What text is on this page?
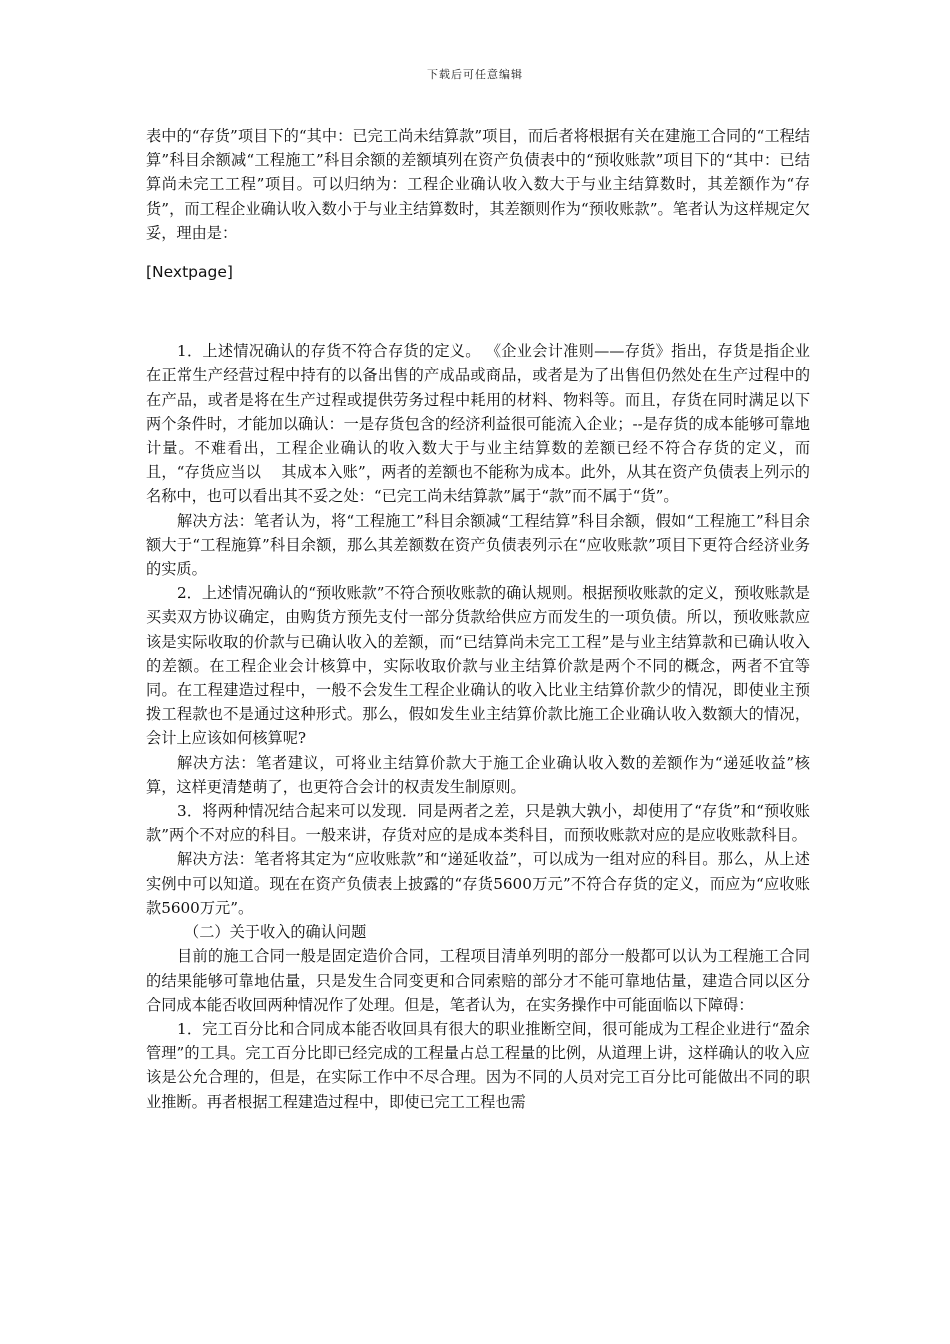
下载后可任意编辑

表中的“存货”项目下的“其中：已完工尚未结算款”项目，而后者将根据有关在建施工合同的“工程结算”科目余额减“工程施工”科目余额的差额填列在资产负债表中的“预收账款”项目下的“其中：已结算尚未完工工程”项目。可以归纳为：工程企业确认收入数大于与业主结算数时，其差额作为“存货”，而工程企业确认收入数小于与业主结算数时，其差额则作为“预收账款”。笔者认为这样规定欠妥，理由是：

[Nextpage]

1．上述情况确认的存货不符合存货的定义。 《企业会计准则——存货》指出，存货是指企业在正常生产经营过程中持有的以备出售的产成品或商品，或者是为了出售但仍然处在生产过程中的在产品，或者是将在生产过程或提供劳务过程中耗用的材料、物料等。而且，存货在同时满足以下两个条件时，才能加以确认：一是存货包含的经济利益很可能流入企业；--是存货的成本能够可靠地计量。不难看出，工程企业确认的收入数大于与业主结算数的差额已经不符合存货的定义，而且，“存货应当以　 其成本入账”，两者的差额也不能称为成本。此外，从其在资产负债表上列示的名称中，也可以看出其不妥之处：“已完工尚未结算款”属于“款”而不属于“货”。

解决方法：笔者认为，将“工程施工”科目余额减“工程结算”科目余额，假如“工程施工”科目余额大于“工程施算”科目余额，那么其差额数在资产负债表列示在“应收账款”项目下更符合经济业务的实质。

2．上述情况确认的“预收账款”不符合预收账款的确认规则。根据预收账款的定义，预收账款是买卖双方协议确定，由购货方预先支付一部分货款给供应方而发生的一项负债。所以，预收账款应该是实际收取的价款与已确认收入的差额，而“已结算尚未完工工程”是与业主结算款和已确认收入的差额。在工程企业会计核算中，实际收取价款与业主结算价款是两个不同的概念，两者不宜等同。在工程建造过程中，一般不会发生工程企业确认的收入比业主结算价款少的情况，即使业主预拨工程款也不是通过这种形式。那么，假如发生业主结算价款比施工企业确认收入数额大的情况，会计上应该如何核算呢?

解决方法：笔者建议，可将业主结算价款大于施工企业确认收入数的差额作为“递延收益”核算，这样更清楚萌了，也更符合会计的权责发生制原则。

3．将两种情况结合起来可以发现．同是两者之差，只是孰大孰小，却使用了“存货”和“预收账款”两个不对应的科目。一般来讲，存货对应的是成本类科目，而预收账款对应的是应收账款科目。

解决方法：笔者将其定为“应收账款”和“递延收益”，可以成为一组对应的科目。那么，从上述实例中可以知道。现在在资产负债表上披露的“存货5600万元”不符合存货的定义，而应为“应收账款5600万元”。

（二）关于收入的确认问题

目前的施工合同一般是固定造价合同，工程项目清单列明的部分一般都可以认为工程施工合同的结果能够可靠地估量，只是发生合同变更和合同索赔的部分才不能可靠地估量，建造合同以区分合同成本能否收回两种情况作了处理。但是，笔者认为，在实务操作中可能面临以下障碍：

1．完工百分比和合同成本能否收回具有很大的职业推断空间，很可能成为工程企业进行“盈余管理”的工具。完工百分比即已经完成的工程量占总工程量的比例，从道理上讲，这样确认的收入应该是公允合理的，但是，在实际工作中不尽合理。因为不同的人员对完工百分比可能做出不同的职业推断。再者根据工程建造过程中，即使已完工工程也需
